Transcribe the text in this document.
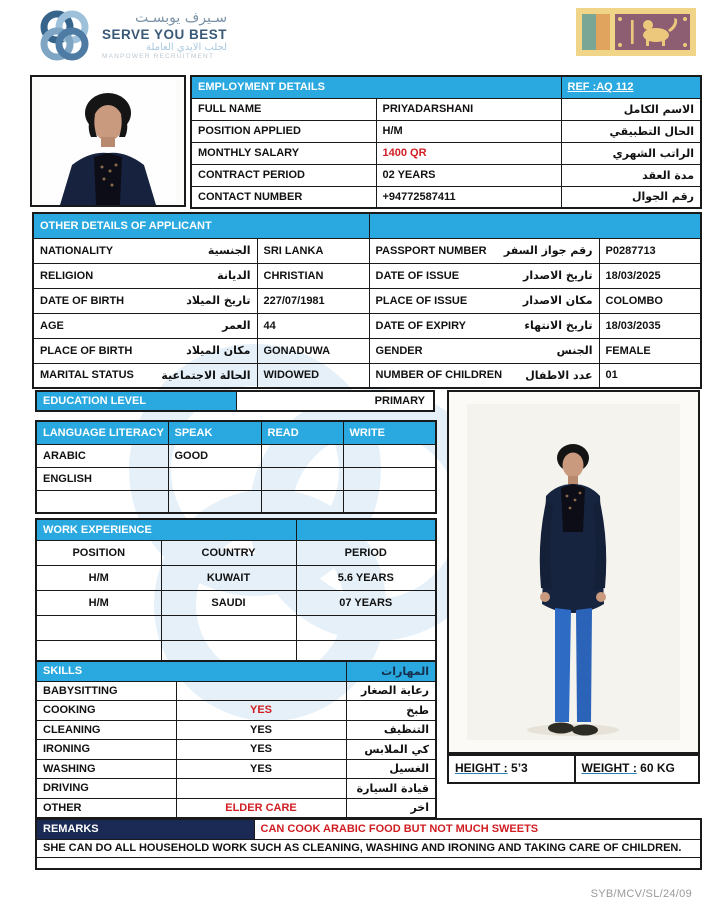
سـيرف يوبسـت
SERVE YOU BEST
لجلب الايدي العاملة
MANPOWER RECRUITMENT
EMPLOYMENT DETAILS		REF :AQ 112
FULL NAME	PRIYADARSHANI	الاسم الكامل
POSITION APPLIED	H/M	الحال التطبيقي
MONTHLY SALARY	1400 QR	الراتب الشهري
CONTRACT PERIOD	02 YEARS	مدة العقد
CONTACT NUMBER	+94772587411	رقم الجوال
OTHER DETAILS OF APPLICANT			

NATIONALITY الجنسية	SRI LANKA	PASSPORT NUMBER رقم جواز السفر	P0287713

RELIGION الديانة	CHRISTIAN	DATE OF ISSUE تاريخ الاصدار	18/03/2025

DATE OF BIRTH تاريخ الميلاد	227/07/1981	PLACE OF ISSUE مكان الاصدار	COLOMBO

AGE العمر	44	DATE OF EXPIRY تاريخ الانتهاء	18/03/2035

PLACE OF BIRTH مكان الميلاد	GONADUWA	GENDER الجنس	FEMALE

MARITAL STATUS الحالة الاجتماعية	WIDOWED	NUMBER OF CHILDREN عدد الاطفال	01
EDUCATION LEVEL	PRIMARY
LANGUAGE LITERACY	SPEAK	READ	WRITE
ARABIC	GOOD		
ENGLISH			

WORK EXPERIENCE		
POSITION	COUNTRY	PERIOD
H/M	KUWAIT	5.6 YEARS
H/M	SAUDI	07 YEARS

SKILLS		المهارات
BABYSITTING		رعاية الصغار
COOKING	YES	طبخ
CLEANING	YES	التنظيف
IRONING	YES	كي الملابس
WASHING	YES	الغسيل
DRIVING		قيادة السيارة
OTHER	ELDER CARE	اخر
HEIGHT : 5’3	WEIGHT : 60 KG
REMARKS	CAN COOK ARABIC FOOD BUT NOT MUCH SWEETS
SHE CAN DO ALL HOUSEHOLD WORK SUCH AS CLEANING, WASHING AND IRONING AND TAKING CARE OF CHILDREN.

SYB/MCV/SL/24/09
